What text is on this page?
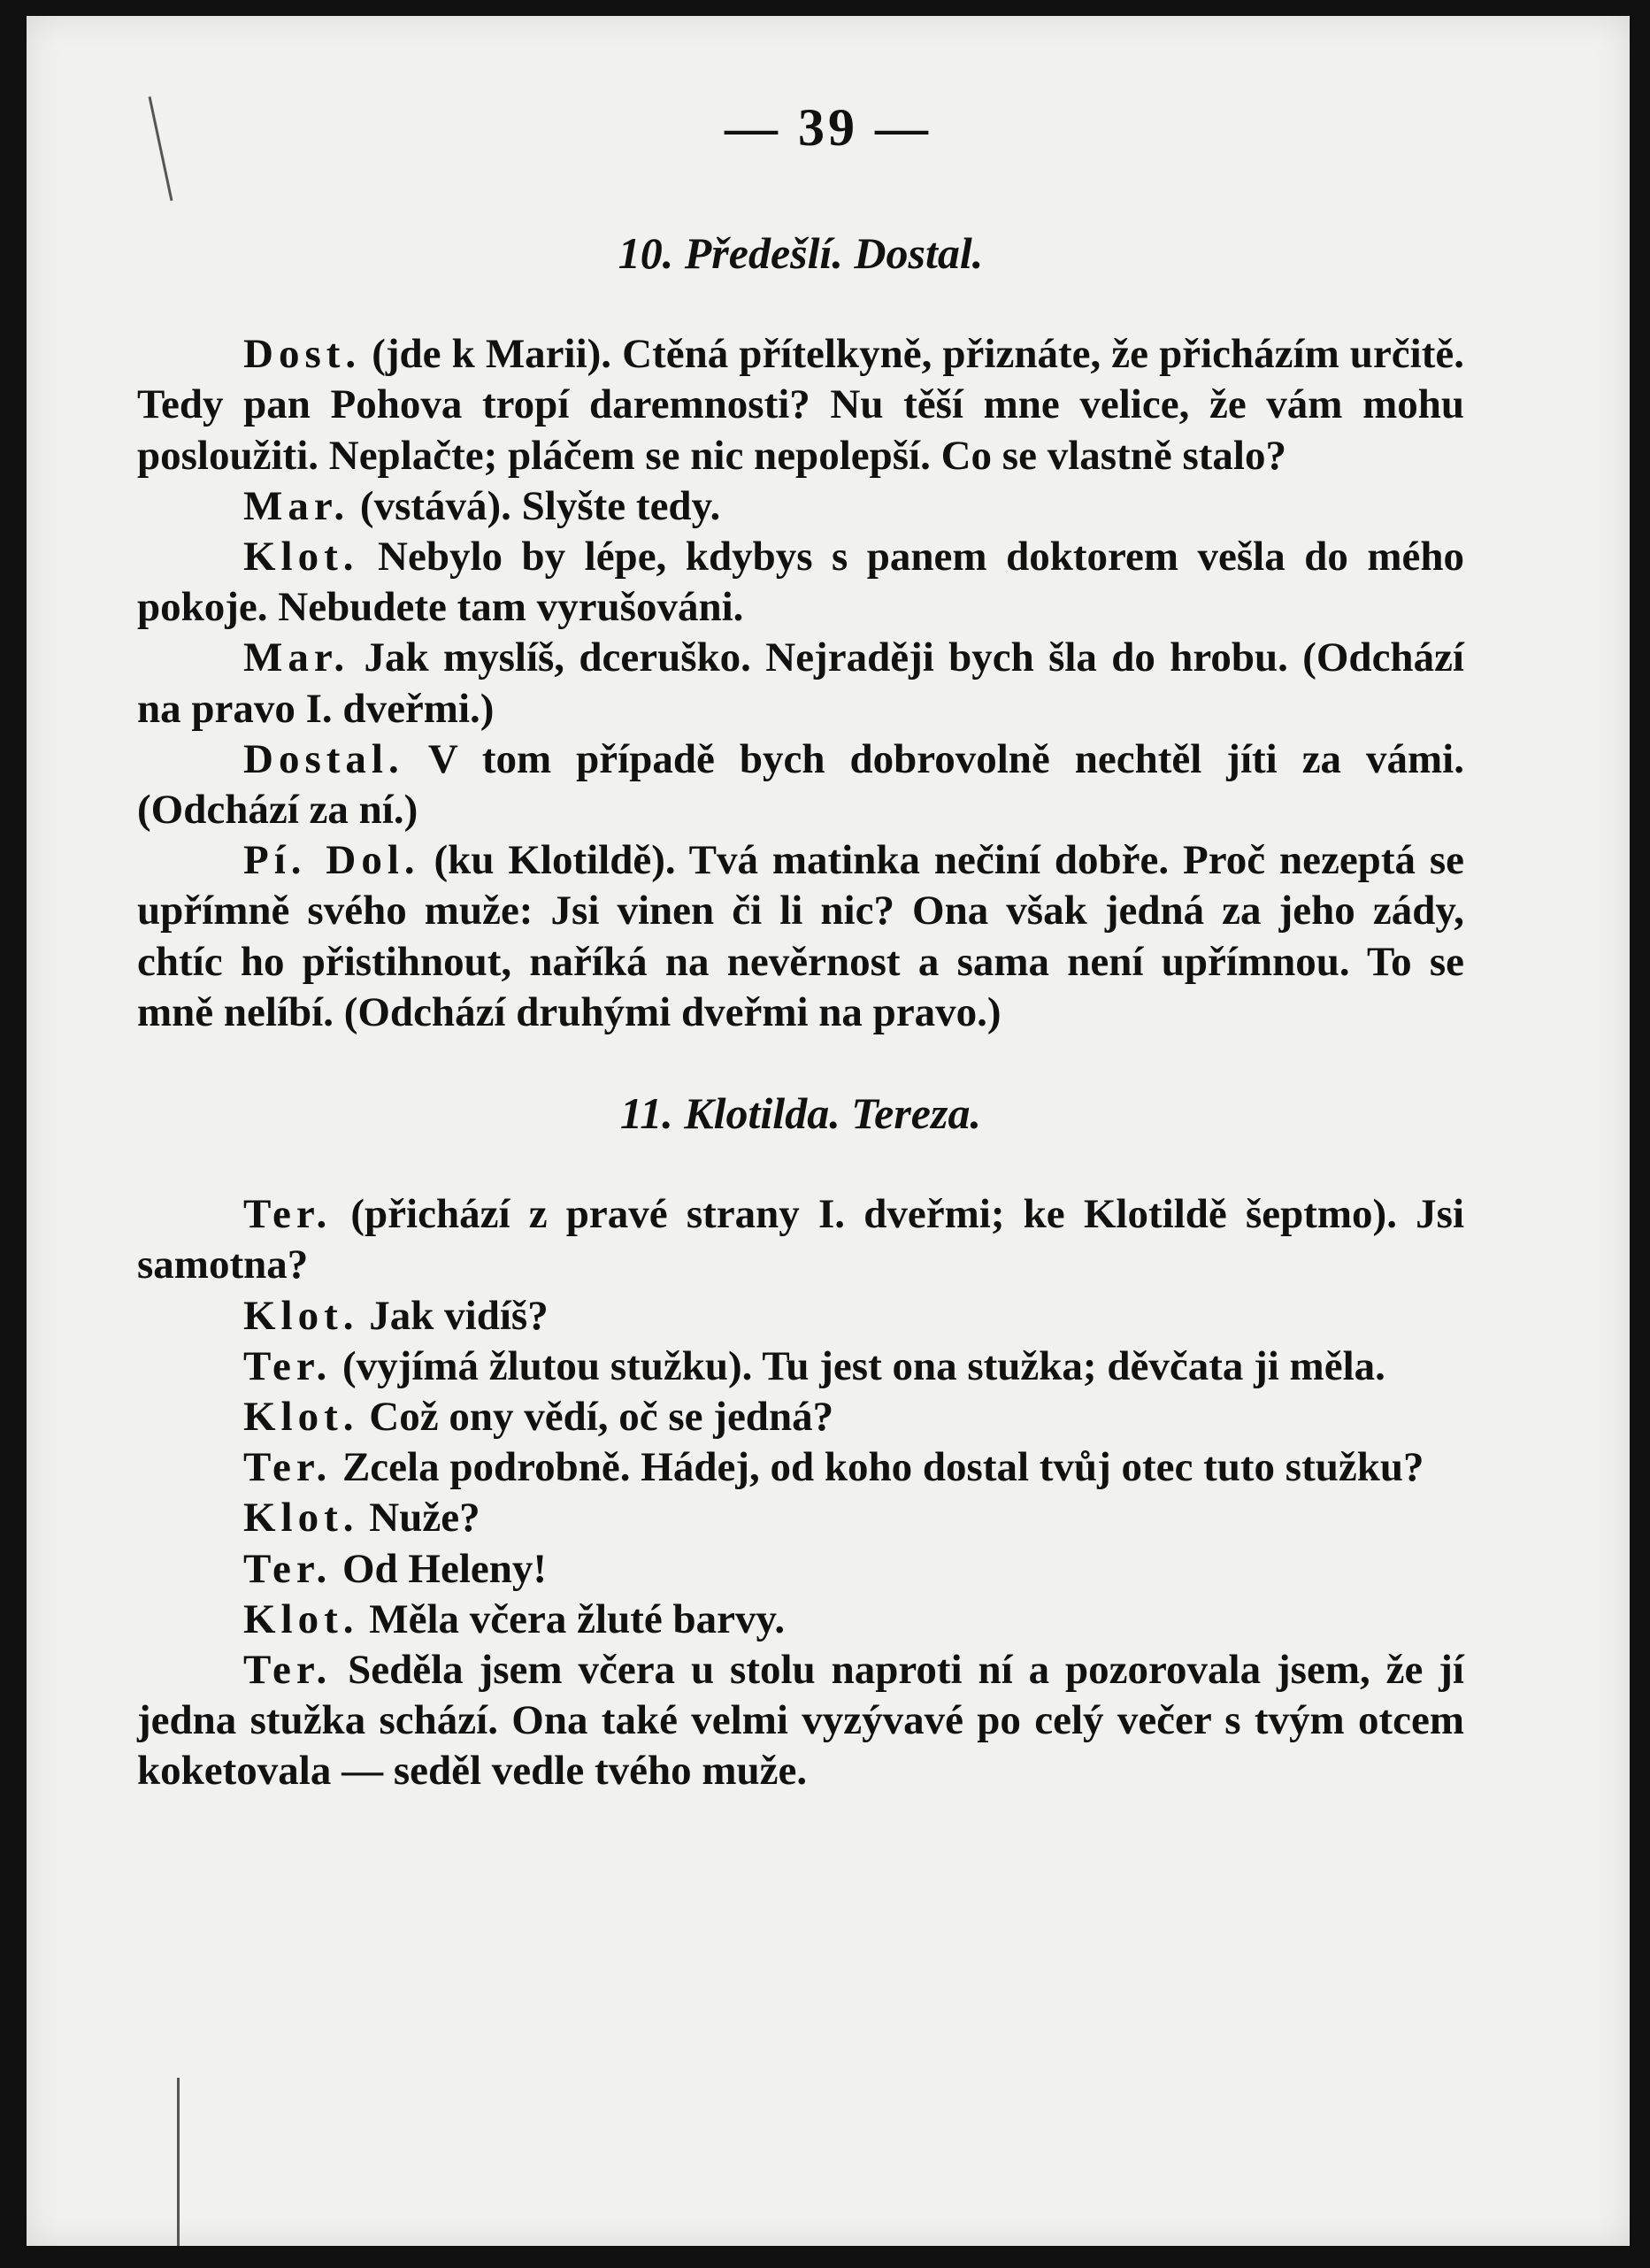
— 39 —
10. Předešlí. Dostal.

Dost. (jde k Marii). Ctěná přítelkyně, přiznáte, že přicházím určitě. Tedy pan Pohova tropí daremnosti? Nu těší mne velice, že vám mohu posloužiti. Neplačte; pláčem se nic nepolepší. Co se vlastně stalo?

Mar. (vstává). Slyšte tedy.

Klot. Nebylo by lépe, kdybys s panem doktorem vešla do mého pokoje. Nebudete tam vyrušováni.

Mar. Jak myslíš, dceruško. Nejraději bych šla do hrobu. (Odchází na pravo I. dveřmi.)

Dostal. V tom případě bych dobrovolně nechtěl jíti za vámi. (Odchází za ní.)

Pí. Dol. (ku Klotildě). Tvá matinka nečiní dobře. Proč nezeptá se upřímně svého muže: Jsi vinen či li nic? Ona však jedná za jeho zády, chtíc ho přistihnout, naříká na nevěrnost a sama není upřímnou. To se mně nelíbí. (Odchází druhými dveřmi na pravo.)

11. Klotilda. Tereza.

Ter. (přichází z pravé strany I. dveřmi; ke Klotildě šeptmo). Jsi samotna?

Klot. Jak vidíš?

Ter. (vyjímá žlutou stužku). Tu jest ona stužka; děvčata ji měla.

Klot. Což ony vědí, oč se jedná?

Ter. Zcela podrobně. Hádej, od koho dostal tvůj otec tuto stužku?

Klot. Nuže?

Ter. Od Heleny!

Klot. Měla včera žluté barvy.

Ter. Seděla jsem včera u stolu naproti ní a pozorovala jsem, že jí jedna stužka schází. Ona také velmi vyzývavé po celý večer s tvým otcem koketovala — seděl vedle tvého muže.
